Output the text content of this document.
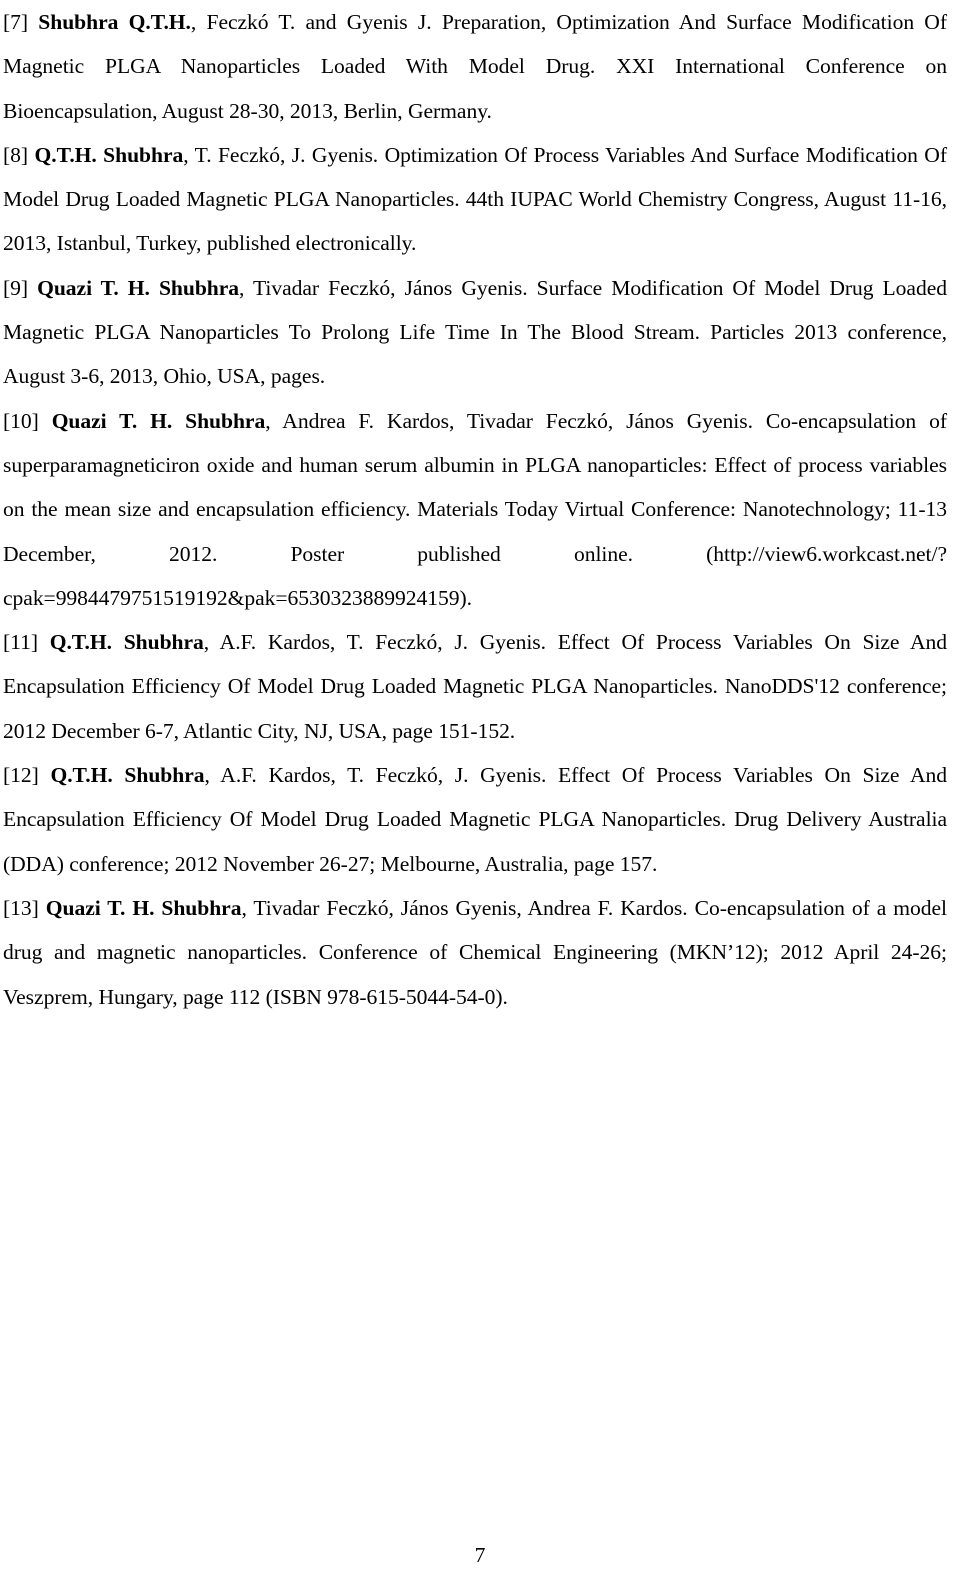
[7] Shubhra Q.T.H., Feczkó T. and Gyenis J. Preparation, Optimization And Surface Modification Of Magnetic PLGA Nanoparticles Loaded With Model Drug. XXI International Conference on Bioencapsulation, August 28-30, 2013, Berlin, Germany.

[8] Q.T.H. Shubhra, T. Feczkó, J. Gyenis. Optimization Of Process Variables And Surface Modification Of Model Drug Loaded Magnetic PLGA Nanoparticles. 44th IUPAC World Chemistry Congress, August 11-16, 2013, Istanbul, Turkey, published electronically.

[9] Quazi T. H. Shubhra, Tivadar Feczkó, János Gyenis. Surface Modification Of Model Drug Loaded Magnetic PLGA Nanoparticles To Prolong Life Time In The Blood Stream. Particles 2013 conference, August 3-6, 2013, Ohio, USA, pages.

[10] Quazi T. H. Shubhra, Andrea F. Kardos, Tivadar Feczkó, János Gyenis. Co-encapsulation of superparamagneticiron oxide and human serum albumin in PLGA nanoparticles: Effect of process variables on the mean size and encapsulation efficiency. Materials Today Virtual Conference: Nanotechnology; 11-13 December, 2012. Poster published online. (http://view6.workcast.net/?cpak=9984479751519192&pak=6530323889924159).

[11] Q.T.H. Shubhra, A.F. Kardos, T. Feczkó, J. Gyenis. Effect Of Process Variables On Size And Encapsulation Efficiency Of Model Drug Loaded Magnetic PLGA Nanoparticles. NanoDDS'12 conference; 2012 December 6-7, Atlantic City, NJ, USA, page 151-152.

[12] Q.T.H. Shubhra, A.F. Kardos, T. Feczkó, J. Gyenis. Effect Of Process Variables On Size And Encapsulation Efficiency Of Model Drug Loaded Magnetic PLGA Nanoparticles. Drug Delivery Australia (DDA) conference; 2012 November 26-27; Melbourne, Australia, page 157.

[13] Quazi T. H. Shubhra, Tivadar Feczkó, János Gyenis, Andrea F. Kardos. Co-encapsulation of a model drug and magnetic nanoparticles. Conference of Chemical Engineering (MKN’12); 2012 April 24-26; Veszprem, Hungary, page 112 (ISBN 978-615-5044-54-0).

7
